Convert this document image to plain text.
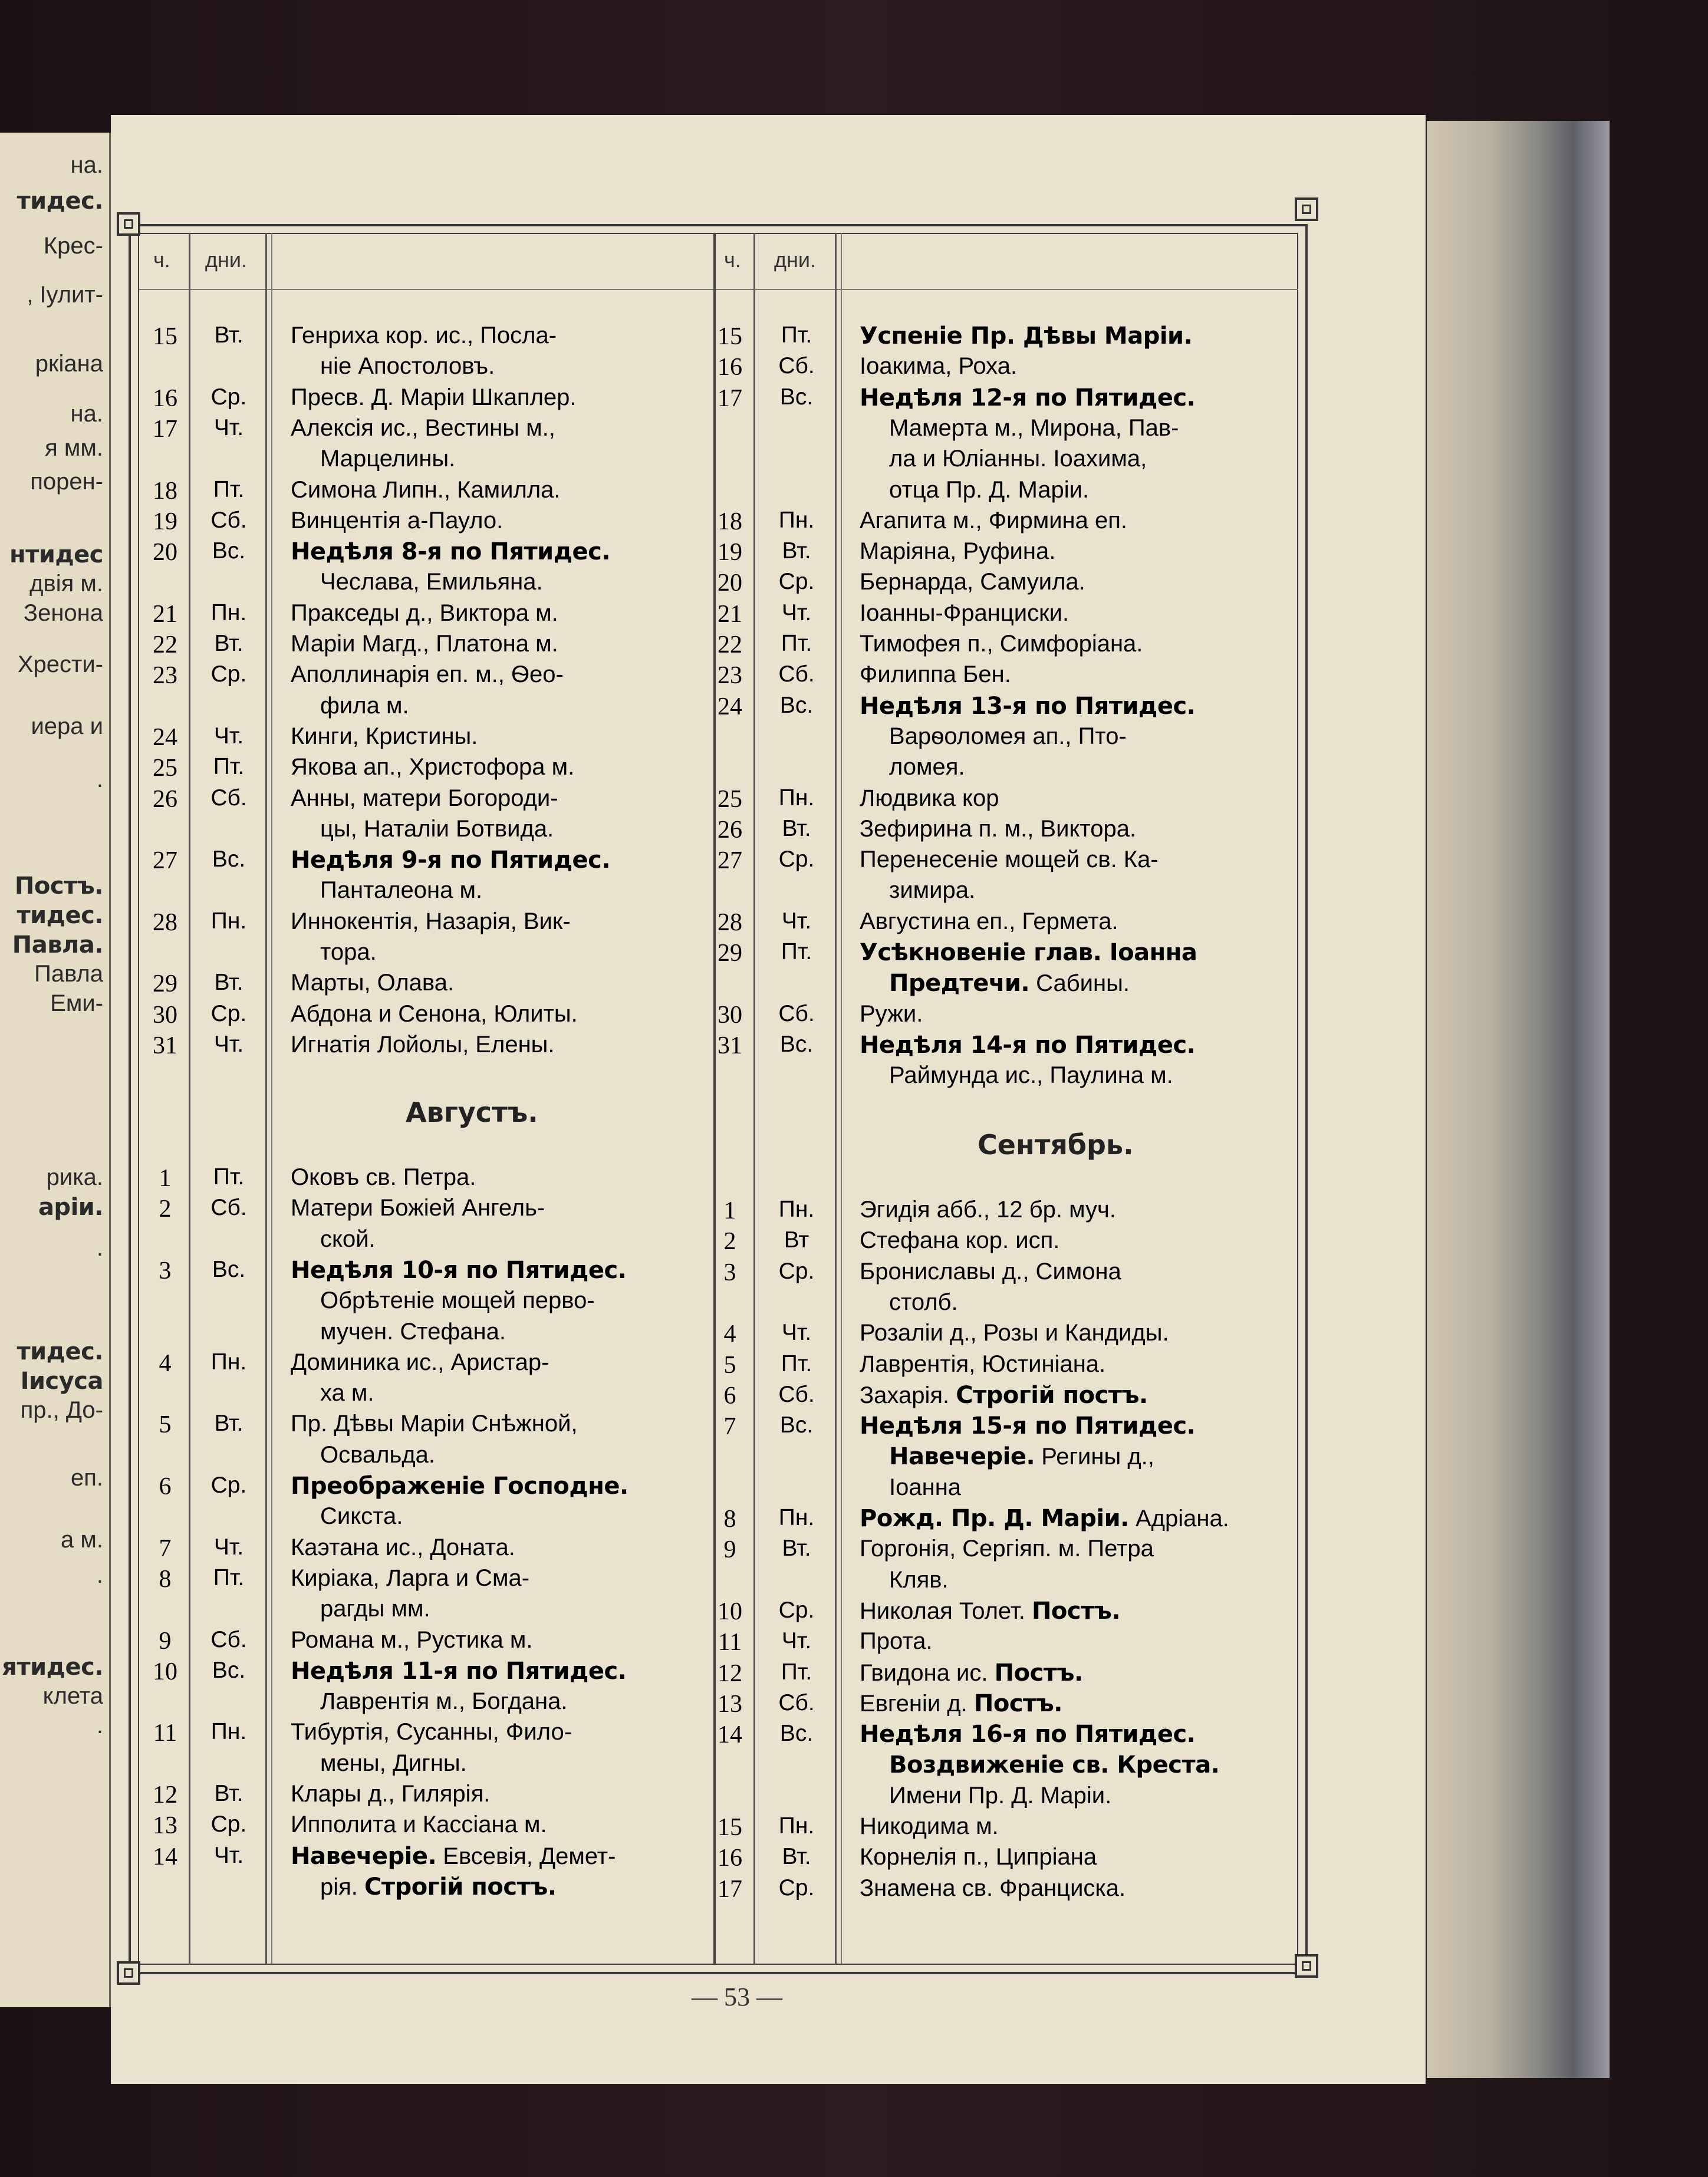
на.
тидес.
Крес-
, Іулит-
ркіана
на.
я мм.
порен-
нтидес
двія м.
Зенона
Хрести-
иера и
.
Постъ.
тидес.
Павла.
Павла
Еми-
рика.
аріи.
.
тидес.
Іисуса
пр., До-
еп.
а м.
.
ятидес.
клета
.
ч. дни.	ч. дни.
15	Вт.	Генриха кор. ис., Посла-
ніе Апостоловъ.
16	Ср.	Пресв. Д. Маріи Шкаплер.
17	Чт.	Алексія ис., Вестины м.,
Марцелины.
18	Пт.	Симона Липн., Камилла.
19	Сб.	Винцентія а-Пауло.
20	Вс.	Недѣля 8-я по Пятидес.
Чеслава, Емильяна.
21	Пн.	Пракседы д., Виктора м.
22	Вт.	Маріи Магд., Платона м.
23	Ср.	Аполлинарія еп. м., Ѳео-
фила м.
24	Чт.	Кинги, Кристины.
25	Пт.	Якова ап., Христофора м.
26	Сб.	Анны, матери Богороди-
цы, Наталіи Ботвида.
27	Вс.	Недѣля 9-я по Пятидес.
Панталеона м.
28	Пн.	Иннокентія, Назарія, Вик-
тора.
29	Вт.	Марты, Олава.
30	Ср.	Абдона и Сенона, Юлиты.
31	Чт.	Игнатія Лойолы, Елены.
1	Пт.	Оковъ св. Петра.
2	Сб.	Матери Божіей Ангель-
ской.
3	Вс.	Недѣля 10-я по Пятидес.
Обрѣтеніе мощей перво-
мучен. Стефана.
4	Пн.	Доминика ис., Аристар-
ха м.
5	Вт.	Пр. Дѣвы Маріи Снѣжной,
Освальда.
6	Ср.	Преображеніе Господне.
Сикста.
7	Чт.	Каэтана ис., Доната.
8	Пт.	Киріака, Ларга и Сма-
рагды мм.
9	Сб.	Романа м., Рустика м.
10	Вс.	Недѣля 11-я по Пятидес.
Лаврентія м., Богдана.
11	Пн.	Тибуртія, Сусанны, Фило-
мены, Дигны.
12	Вт.	Клары д., Гилярія.
13	Ср.	Ипполита и Кассіана м.
14	Чт.	Навечеріе. Евсевія, Демет-
рія. Строгій постъ.
15	Пт.	Успеніе Пр. Дѣвы Маріи.
16	Сб.	Іоакима, Роха.
17	Вс.	Недѣля 12-я по Пятидес.
Мамерта м., Мирона, Пав-
ла и Юліанны. Іоахима,
отца Пр. Д. Маріи.
18	Пн.	Агапита м., Фирмина еп.
19	Вт.	Маріяна, Руфина.
20	Ср.	Бернарда, Самуила.
21	Чт.	Іоанны-Франциски.
22	Пт.	Тимофея п., Симфоріана.
23	Сб.	Филиппа Бен.
24	Вс.	Недѣля 13-я по Пятидес.
Варѳоломея ап., Пто-
ломея.
25	Пн.	Людвика кор
26	Вт.	Зефирина п. м., Виктора.
27	Ср.	Перенесеніе мощей св. Ка-
зимира.
28	Чт.	Августина еп., Гермета.
29	Пт.	Усѣкновеніе глав. Іоанна
Предтечи. Сабины.
30	Сб.	Ружи.
31	Вс.	Недѣля 14-я по Пятидес.
Раймунда ис., Паулина м.
1	Пн.	Эгидія абб., 12 бр. муч.
2	Вт	Стефана кор. исп.
3	Ср.	Брониславы д., Симона
столб.
4	Чт.	Розаліи д., Розы и Кандиды.
5	Пт.	Лаврентія, Юстиніана.
6	Сб.	Захарія. Строгій постъ.
7	Вс.	Недѣля 15-я по Пятидес.
Навечеріе. Регины д.,
Іоанна
8	Пн.	Рожд. Пр. Д. Маріи. Адріана.
9	Вт.	Горгонія, Сергіяп. м. Петра
Кляв.
10	Ср.	Николая Толет. Постъ.
11	Чт.	Прота.
12	Пт.	Гвидона ис. Постъ.
13	Сб.	Евгеніи д. Постъ.
14	Вс.	Недѣля 16-я по Пятидес.
Воздвиженіе св. Креста.
Имени Пр. Д. Маріи.
15	Пн.	Никодима м.
16	Вт.	Корнелія п., Ципріана
17	Ср.	Знамена св. Франциска.
Августъ.
Сентябрь.
— 53 —
